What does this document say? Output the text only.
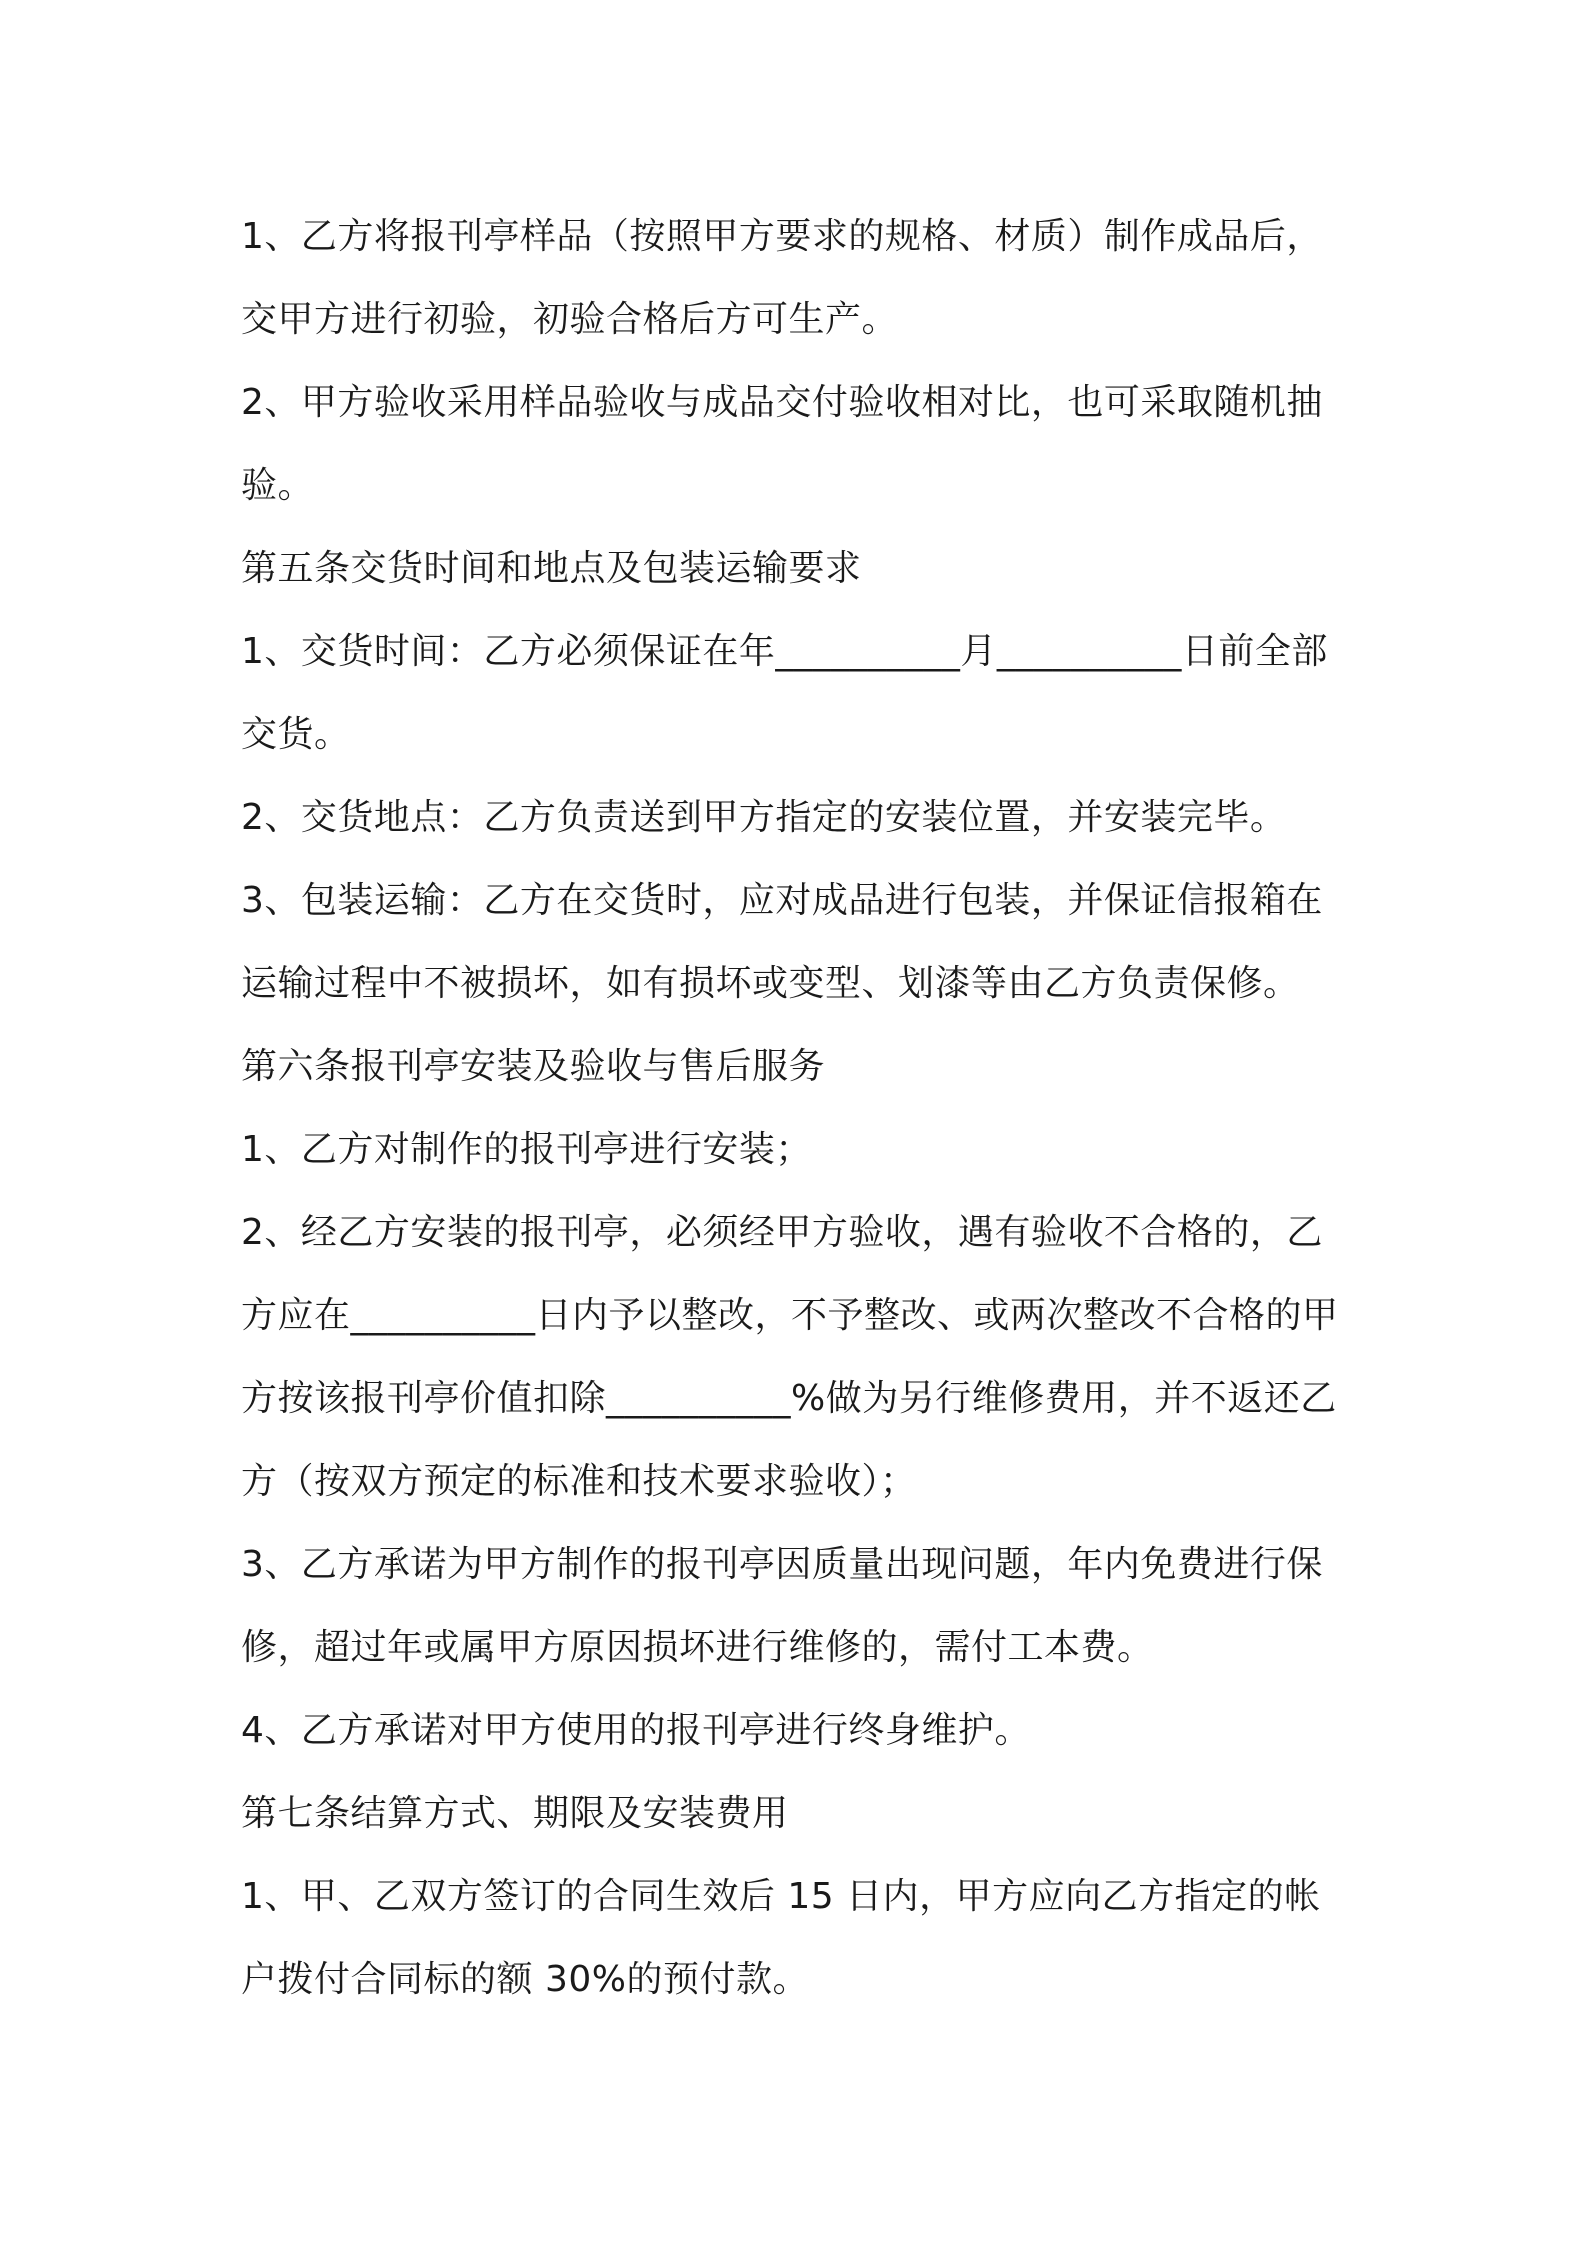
1、乙方将报刊亭样品（按照甲方要求的规格、材质）制作成品后，
交甲方进行初验，初验合格后方可生产。
2、甲方验收采用样品验收与成品交付验收相对比，也可采取随机抽
验。
第五条交货时间和地点及包装运输要求
1、交货时间：乙方必须保证在年__________月__________日前全部
交货。
2、交货地点：乙方负责送到甲方指定的安装位置，并安装完毕。
3、包装运输：乙方在交货时，应对成品进行包装，并保证信报箱在
运输过程中不被损坏，如有损坏或变型、划漆等由乙方负责保修。
第六条报刊亭安装及验收与售后服务
1、乙方对制作的报刊亭进行安装；
2、经乙方安装的报刊亭，必须经甲方验收，遇有验收不合格的，乙
方应在__________日内予以整改，不予整改、或两次整改不合格的甲
方按该报刊亭价值扣除__________%做为另行维修费用，并不返还乙
方（按双方预定的标准和技术要求验收）；
3、乙方承诺为甲方制作的报刊亭因质量出现问题，年内免费进行保
修，超过年或属甲方原因损坏进行维修的，需付工本费。
4、乙方承诺对甲方使用的报刊亭进行终身维护。
第七条结算方式、期限及安装费用
1、甲、乙双方签订的合同生效后 15 日内，甲方应向乙方指定的帐
户拨付合同标的额 30%的预付款。
